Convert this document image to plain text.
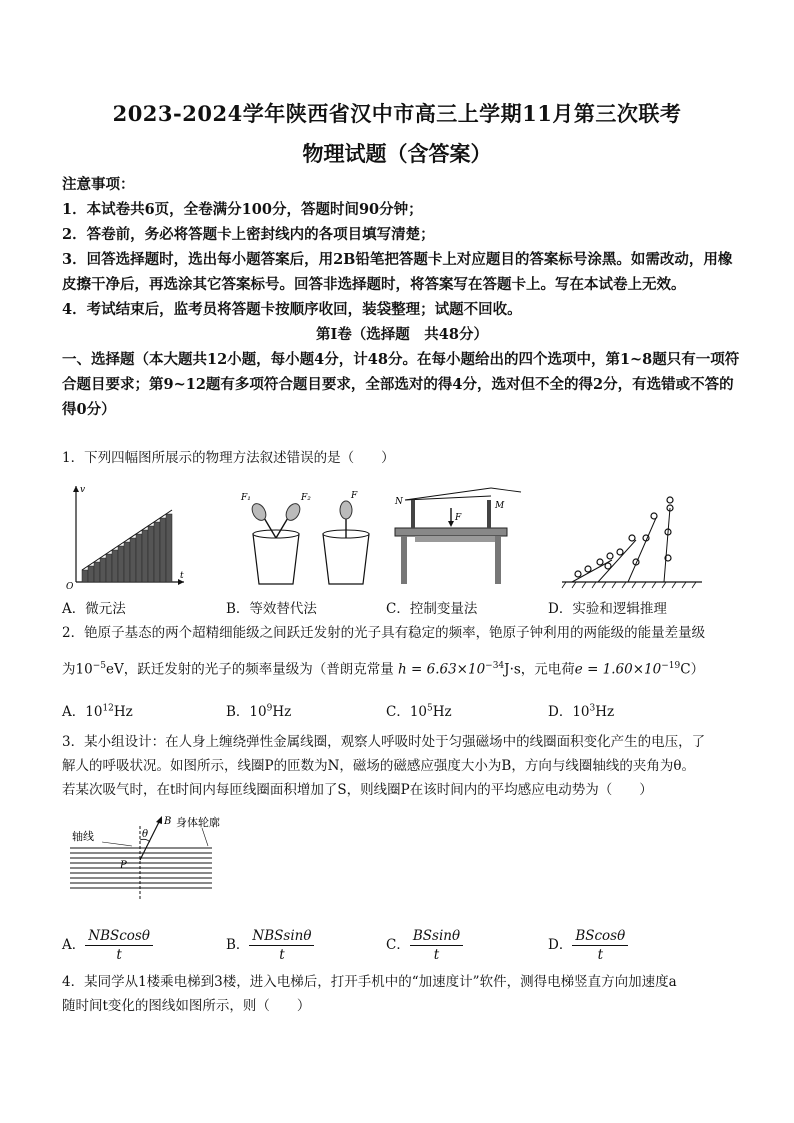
2023-2024学年陕西省汉中市高三上学期11月第三次联考
物理试题（含答案）

注意事项：

1．本试卷共6页，全卷满分100分，答题时间90分钟；

2．答卷前，务必将答题卡上密封线内的各项目填写清楚；

3．回答选择题时，选出每小题答案后，用2B铅笔把答题卡上对应题目的答案标号涂黑。如需改动，用橡皮擦干净后，再选涂其它答案标号。回答非选择题时，将答案写在答题卡上。写在本试卷上无效。

4．考试结束后，监考员将答题卡按顺序收回，装袋整理；试题不回收。

第Ⅰ卷（选择题　共48分）

一、选择题（本大题共12小题，每小题4分，计48分。在每小题给出的四个选项中，第1~8题只有一项符合题目要求；第9~12题有多项符合题目要求，全部选对的得4分，选对但不全的得2分，有选错或不答的得0分）

1．下列四幅图所展示的物理方法叙述错误的是（　　）

v
t
O
F₁	F₂	F
N	M
F
A．微元法	B．等效替代法	C．控制变量法	D．实验和逻辑推理

2．铯原子基态的两个超精细能级之间跃迁发射的光子具有稳定的频率，铯原子钟利用的两能级的能量差量级

为$10^{-5}eV$，跃迁发射的光子的频率量级为（普朗克常量 $h = 6.63\times 10^{-34}J\cdot s$，元电荷$e = 1.60\times 10^{-19}C$）

A．$10^{12}Hz$	B．$10^9Hz$	C．$10^5Hz$	D．$10^3Hz$

3．某小组设计：在人身上缠绕弹性金属线圈，观察人呼吸时处于匀强磁场中的线圈面积变化产生的电压，了

解人的呼吸状况。如图所示，线圈P的匝数为N，磁场的磁感应强度大小为B，方向与线圈轴线的夹角为θ。

若某次吸气时，在t时间内每匝线圈面积增加了S，则线圈P在该时间内的平均感应电动势为（　　）

轴线	θ
B 身体轮廓
P
A． $\frac{\text{NBScosθ}}{t}$	B． $\frac{\text{NBSsinθ}}{t}$	C． $\frac{BSsin\theta}{t}$	D． $\frac{BScos\theta}{t}$

4．某同学从1楼乘电梯到3楼，进入电梯后，打开手机中的“加速度计”软件，测得电梯竖直方向加速度a

随时间t变化的图线如图所示，则（　　）
